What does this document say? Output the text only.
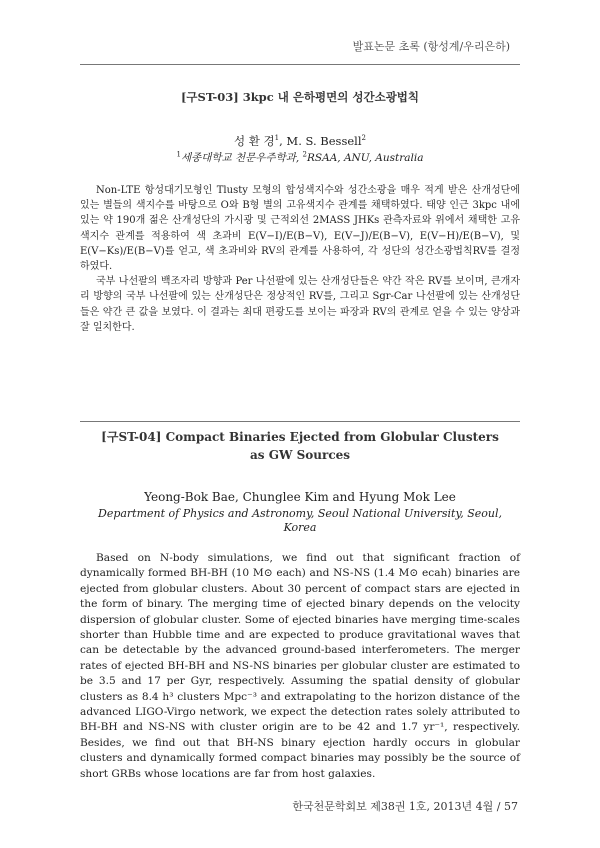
발표논문 초록 (항성계/우리은하)
[구ST-03] 3kpc 내 은하평면의 성간소광법칙
성 환 경$^1$, M. S. Bessell$^2$
$^1$세종대학교 천문우주학과, $^2$RSAA, ANU, Australia

Non-LTE 항성대기모형인 Tlusty 모형의 합성색지수와 성간소광을 매우 적게 받은 산개성단에 있는 별들의 색지수를 바탕으로 O와 B형 별의 고유색지수 관계를 채택하였다. 태양 인근 3kpc 내에 있는 약 190개 젊은 산개성단의 가시광 및 근적외선 2MASS JHKs 관측자료와 위에서 채택한 고유 색지수 관계를 적용하여 색 초과비 E(V−I)/E(B−V), E(V−J)/E(B−V), E(V−H)/E(B−V), 및 E(V−Ks)/E(B−V)를 얻고, 색 초과비와 RV의 관계를 사용하여, 각 성단의 성간소광법칙RV를 결정하였다.

국부 나선팔의 백조자리 방향과 Per 나선팔에 있는 산개성단들은 약간 작은 RV를 보이며, 큰개자리 방향의 국부 나선팔에 있는 산개성단은 정상적인 RV를, 그리고 Sgr-Car 나선팔에 있는 산개성단들은 약간 큰 값을 보였다. 이 결과는 최대 편광도를 보이는 파장과 RV의 관계로 얻을 수 있는 양상과 잘 일치한다.

[구ST-04] Compact Binaries Ejected from Globular Clusters
as GW Sources
Yeong-Bok Bae, Chunglee Kim and Hyung Mok Lee
Department of Physics and Astronomy, Seoul National University, Seoul, Korea

Based on N-body simulations, we find out that significant fraction of dynamically formed BH-BH (10 M⊙ each) and NS-NS (1.4 M⊙ ecah) binaries are ejected from globular clusters. About 30 percent of compact stars are ejected in the form of binary. The merging time of ejected binary depends on the velocity dispersion of globular cluster. Some of ejected binaries have merging time-scales shorter than Hubble time and are expected to produce gravitational waves that can be detectable by the advanced ground-based interferometers. The merger rates of ejected BH-BH and NS-NS binaries per globular cluster are estimated to be 3.5 and 17 per Gyr, respectively. Assuming the spatial density of globular clusters as 8.4 h³ clusters Mpc⁻³ and extrapolating to the horizon distance of the advanced LIGO-Virgo network, we expect the detection rates solely attributed to BH-BH and NS-NS with cluster origin are to be 42 and 1.7 yr⁻¹, respectively. Besides, we find out that BH-NS binary ejection hardly occurs in globular clusters and dynamically formed compact binaries may possibly be the source of short GRBs whose locations are far from host galaxies.

한국천문학회보 제38권 1호, 2013년 4월 / 57
